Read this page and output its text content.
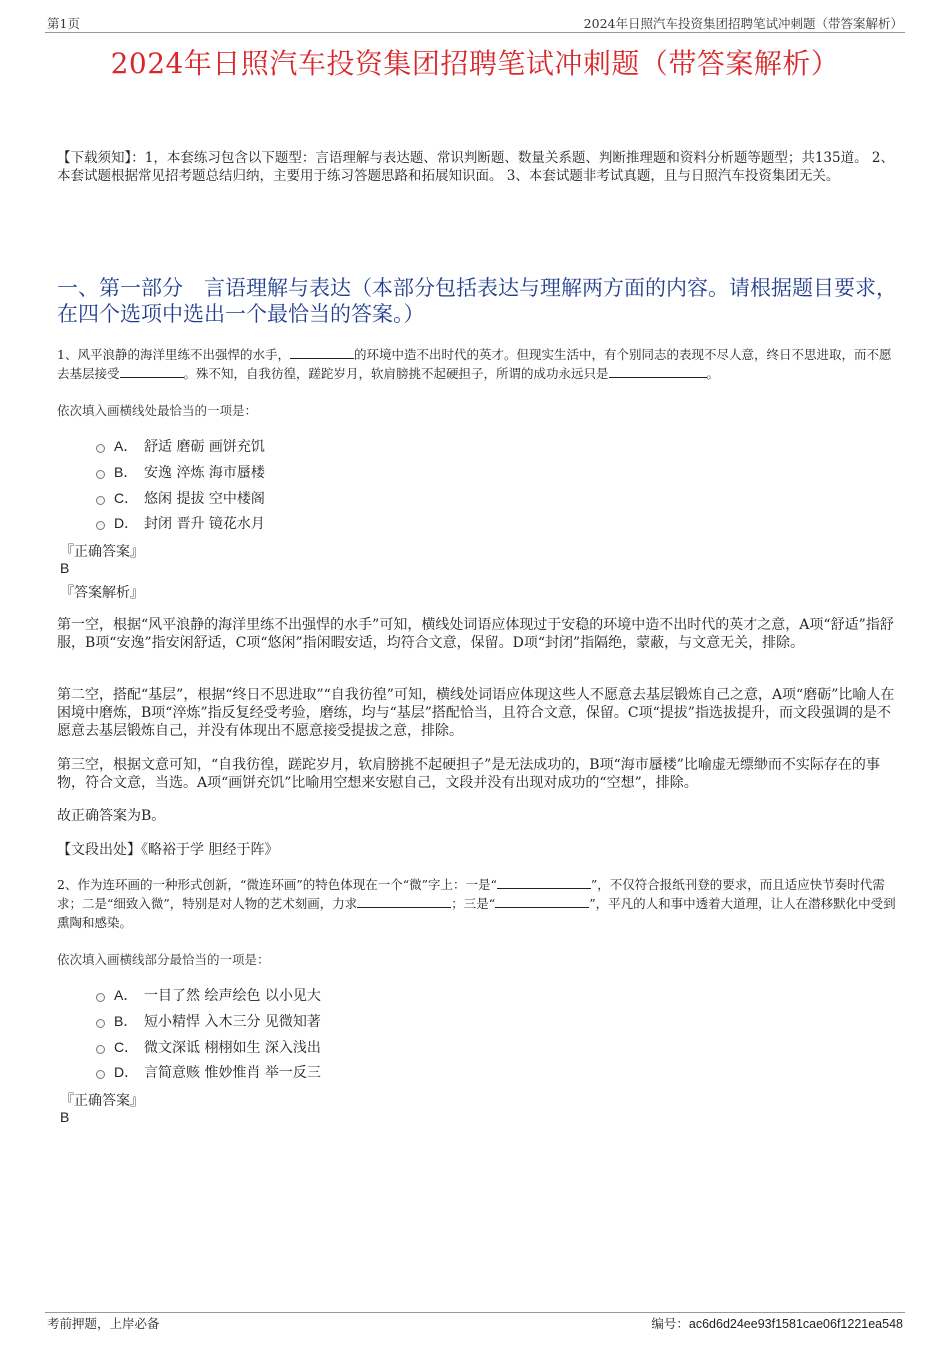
第1页	2024年日照汽车投资集团招聘笔试冲刺题（带答案解析）
2024年日照汽车投资集团招聘笔试冲刺题（带答案解析）
【下载须知】：1，本套练习包含以下题型：言语理解与表达题、常识判断题、数量关系题、判断推理题和资料分析题等题型；共135道。 2、本套试题根据常见招考题总结归纳，主要用于练习答题思路和拓展知识面。 3、本套试题非考试真题，且与日照汽车投资集团无关。
一、第一部分　言语理解与表达（本部分包括表达与理解两方面的内容。请根据题目要求，在四个选项中选出一个最恰当的答案。）
1、风平浪静的海洋里练不出强悍的水手，	的环境中造不出时代的英才。但现实生活中，有个别同志的表现不尽人意，终日不思进取，而不愿去基层接受	。殊不知，自我彷徨，蹉跎岁月，软肩膀挑不起硬担子，所谓的成功永远只是	。
依次填入画横线处最恰当的一项是：
A． 舒适 磨砺 画饼充饥
B． 安逸 淬炼 海市蜃楼
C． 悠闲 提拔 空中楼阁
D． 封闭 晋升 镜花水月
『正确答案』
B
『答案解析』
第一空，根据“风平浪静的海洋里练不出强悍的水手”可知，横线处词语应体现过于安稳的环境中造不出时代的英才之意，A项“舒适”指舒服，B项“安逸”指安闲舒适，C项“悠闲”指闲暇安适，均符合文意，保留。D项“封闭”指隔绝，蒙蔽，与文意无关，排除。
第二空，搭配“基层”，根据“终日不思进取”“自我彷徨”可知，横线处词语应体现这些人不愿意去基层锻炼自己之意，A项“磨砺”比喻人在困境中磨炼，B项“淬炼”指反复经受考验，磨练，均与“基层”搭配恰当，且符合文意，保留。C项“提拔”指选拔提升，而文段强调的是不愿意去基层锻炼自己，并没有体现出不愿意接受提拔之意，排除。
第三空，根据文意可知，“自我彷徨，蹉跎岁月，软肩膀挑不起硬担子”是无法成功的，B项“海市蜃楼”比喻虚无缥缈而不实际存在的事物，符合文意，当选。A项“画饼充饥”比喻用空想来安慰自己，文段并没有出现对成功的“空想”，排除。
故正确答案为B。
【文段出处】《略裕于学 胆经于阵》
2、作为连环画的一种形式创新，“微连环画”的特色体现在一个“微”字上：一是“	”，不仅符合报纸刊登的要求，而且适应快节奏时代需求；二是“细致入微”，特别是对人物的艺术刻画，力求	；三是“	”，平凡的人和事中透着大道理，让人在潜移默化中受到熏陶和感染。
依次填入画横线部分最恰当的一项是：
A． 一目了然 绘声绘色 以小见大
B． 短小精悍 入木三分 见微知著
C． 微文深诋 栩栩如生 深入浅出
D． 言简意赅 惟妙惟肖 举一反三
『正确答案』
B
考前押题，上岸必备	编号：ac6d6d24ee93f1581cae06f1221ea548
